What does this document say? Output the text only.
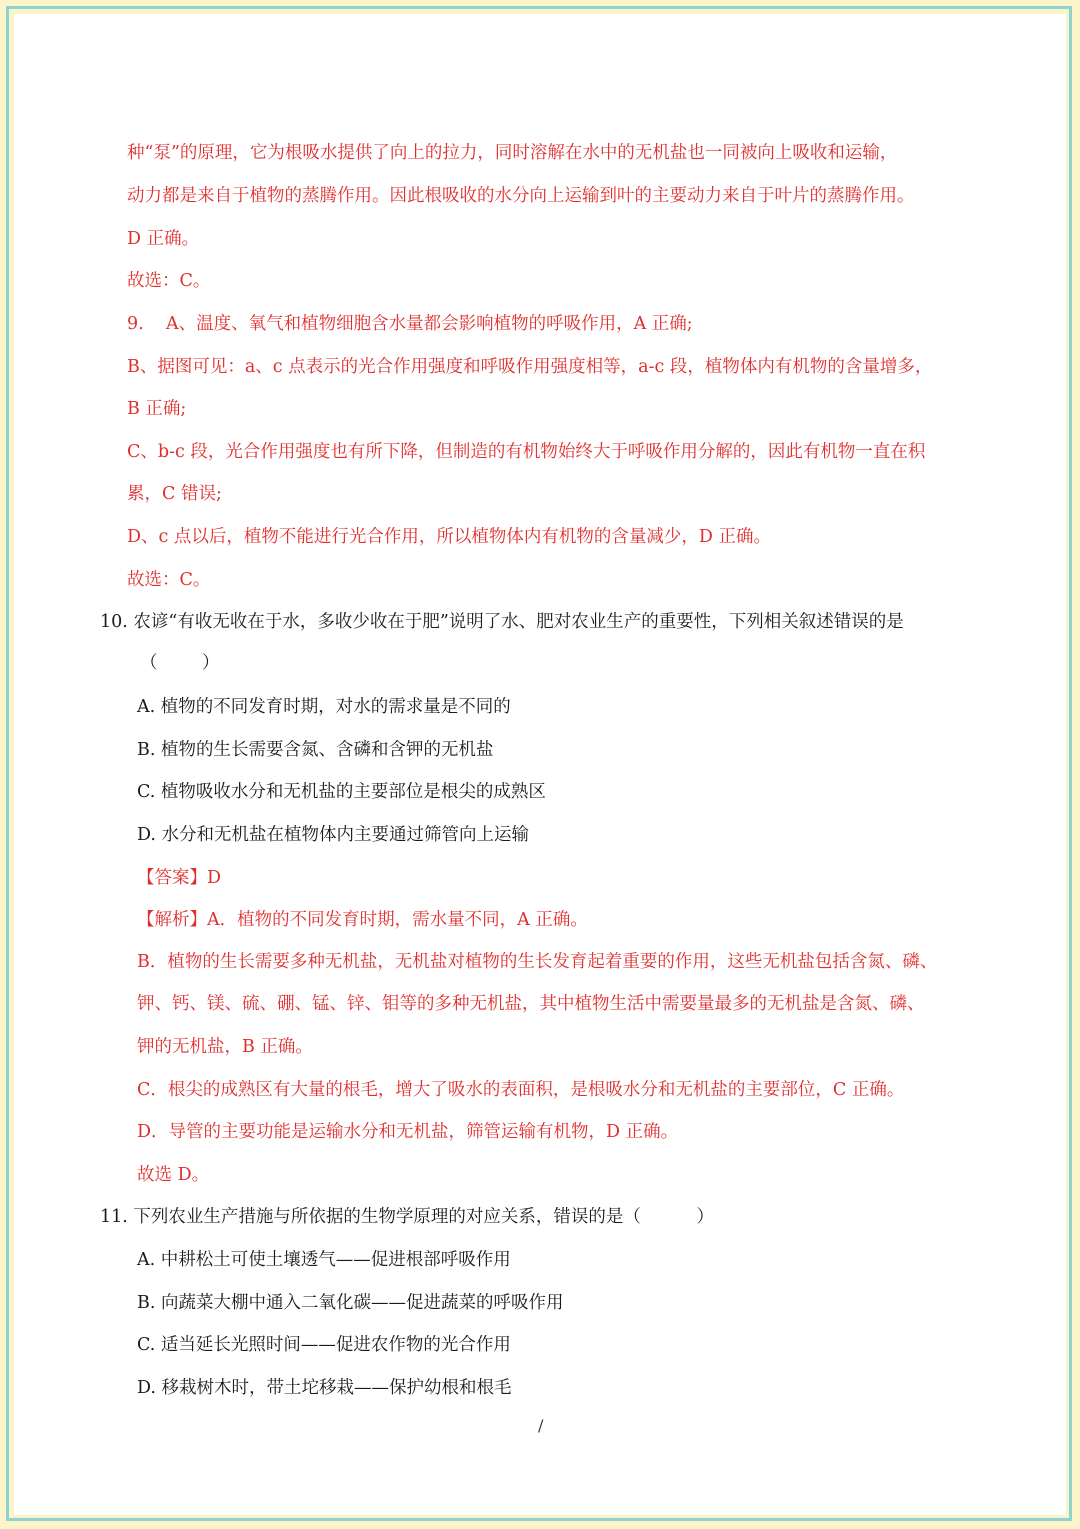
种“泵”的原理，它为根吸水提供了向上的拉力，同时溶解在水中的无机盐也一同被向上吸收和运输，
动力都是来自于植物的蒸腾作用。因此根吸收的水分向上运输到叶的主要动力来自于叶片的蒸腾作用。
D 正确。
故选：C。
9.    A、温度、氧气和植物细胞含水量都会影响植物的呼吸作用，A 正确;
B、据图可见：a、c 点表示的光合作用强度和呼吸作用强度相等，a-c 段，植物体内有机物的含量增多，
B 正确;
C、b-c 段，光合作用强度也有所下降，但制造的有机物始终大于呼吸作用分解的，因此有机物一直在积
累，C 错误;
D、c 点以后，植物不能进行光合作用，所以植物体内有机物的含量减少，D 正确。
故选：C。
10. 农谚“有收无收在于水，多收少收在于肥”说明了水、肥对农业生产的重要性，下列相关叙述错误的是
（        ）
A. 植物的不同发育时期，对水的需求量是不同的
B. 植物的生长需要含氮、含磷和含钾的无机盐
C. 植物吸收水分和无机盐的主要部位是根尖的成熟区
D. 水分和无机盐在植物体内主要通过筛管向上运输
【答案】D
【解析】A．植物的不同发育时期，需水量不同，A 正确。
B．植物的生长需要多种无机盐，无机盐对植物的生长发育起着重要的作用，这些无机盐包括含氮、磷、
钾、钙、镁、硫、硼、锰、锌、钼等的多种无机盐，其中植物生活中需要量最多的无机盐是含氮、磷、
钾的无机盐，B 正确。
C．根尖的成熟区有大量的根毛，增大了吸水的表面积，是根吸水分和无机盐的主要部位，C 正确。
D．导管的主要功能是运输水分和无机盐，筛管运输有机物，D 正确。
故选 D。
11. 下列农业生产措施与所依据的生物学原理的对应关系，错误的是（          ）
A. 中耕松土可使土壤透气——促进根部呼吸作用
B. 向蔬菜大棚中通入二氧化碳——促进蔬菜的呼吸作用
C. 适当延长光照时间——促进农作物的光合作用
D. 移栽树木时，带土坨移栽——保护幼根和根毛
/
